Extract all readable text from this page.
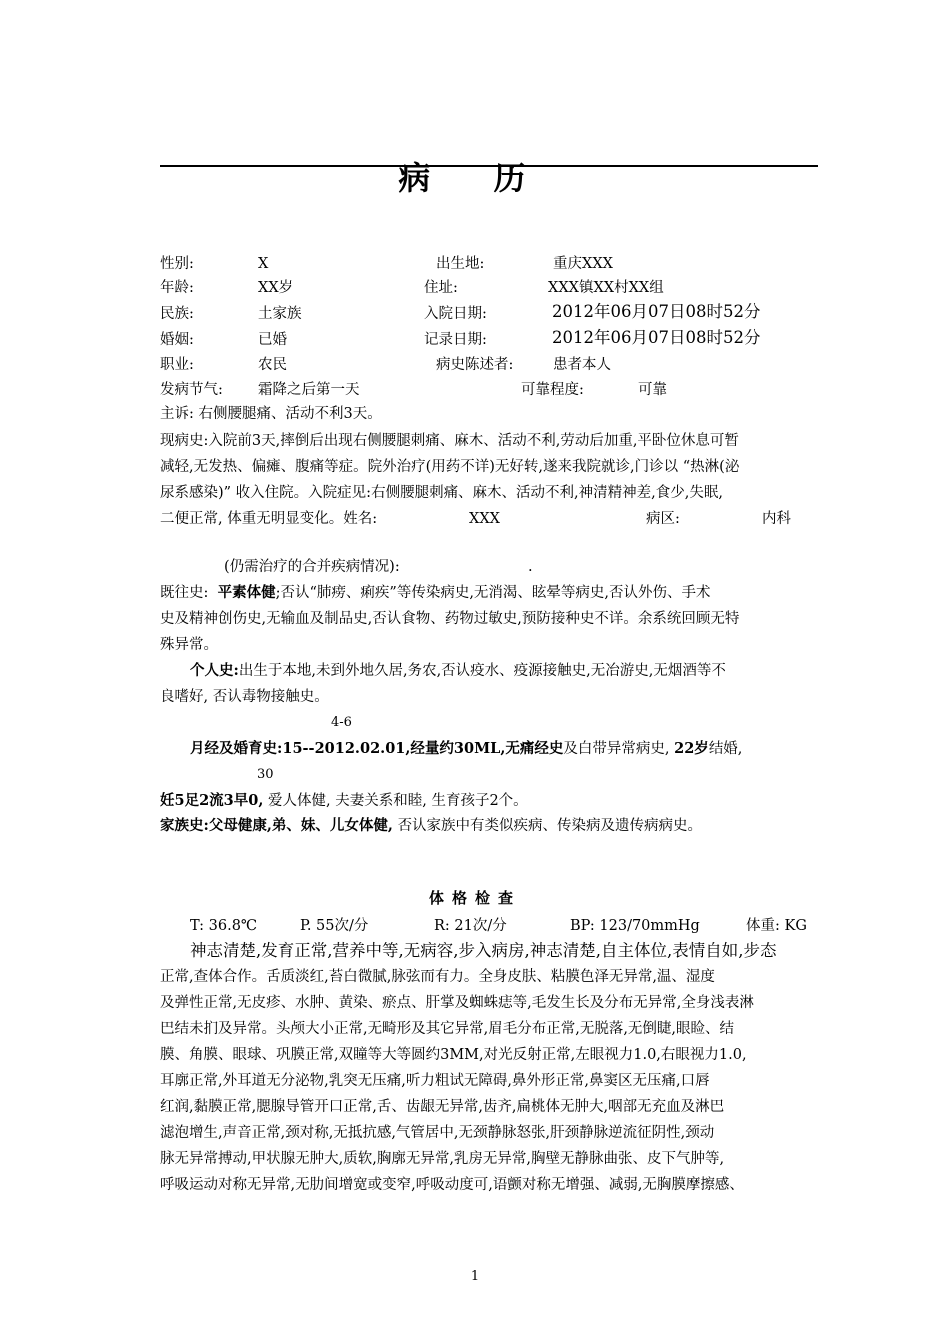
病 历
性别:	X	出生地:	重庆XXX
年龄:	XX岁	住址:	XXX镇XX村XX组
民族:	土家族	入院日期:	2012年06月07日08时52分
婚姻:	已婚	记录日期:	2012年06月07日08时52分
职业:	农民	病史陈述者:	患者本人
发病节气: 霜降之后第一天	可靠程度:	可靠
主诉: 右侧腰腿痛、活动不利3天。
现病史:入院前3天,摔倒后出现右侧腰腿刺痛、麻木、活动不利,劳动后加重,平卧位休息可暂
减轻,无发热、偏瘫、腹痛等症。院外治疗(用药不详)无好转,遂来我院就诊,门诊以 “热淋(泌
尿系感染)” 收入住院。入院症见:右侧腰腿刺痛、麻木、活动不利,神清精神差,食少,失眠,
二便正常, 体重无明显变化。姓名:	XXX	病区:	内科
(仍需治疗的合并疾病情况):	.
既往史: 平素体健;否认“肺痨、痢疾”等传染病史,无消渴、眩晕等病史,否认外伤、手术
史及精神创伤史,无输血及制品史,否认食物、药物过敏史,预防接种史不详。余系统回顾无特
殊异常。
个人史:出生于本地,未到外地久居,务农,否认疫水、疫源接触史,无冶游史,无烟酒等不
良嗜好, 否认毒物接触史。
4-6
月经及婚育史:15--2012.02.01,经量约30ML,无痛经史及白带异常病史, 22岁结婚,
30
妊5足2流3早0, 爱人体健, 夫妻关系和睦, 生育孩子2个。
家族史:父母健康,弟、妹、儿女体健, 否认家族中有类似疾病、传染病及遗传病病史。
体格检查
T: 36.8℃	P. 55次/分	R: 21次/分	BP: 123/70mmHg	体重: KG
神志清楚,发育正常,营养中等,无病容,步入病房,神志清楚,自主体位,表情自如,步态
正常,查体合作。舌质淡红,苔白微腻,脉弦而有力。全身皮肤、粘膜色泽无异常,温、湿度
及弹性正常,无皮疹、水肿、黄染、瘀点、肝掌及蜘蛛痣等,毛发生长及分布无异常,全身浅表淋
巴结未扪及异常。头颅大小正常,无畸形及其它异常,眉毛分布正常,无脱落,无倒睫,眼睑、结
膜、角膜、眼球、巩膜正常,双瞳等大等圆约3MM,对光反射正常,左眼视力1.0,右眼视力1.0,
耳廓正常,外耳道无分泌物,乳突无压痛,听力粗试无障碍,鼻外形正常,鼻窦区无压痛,口唇
红润,黏膜正常,腮腺导管开口正常,舌、齿龈无异常,齿齐,扁桃体无肿大,咽部无充血及淋巴
滤泡增生,声音正常,颈对称,无抵抗感,气管居中,无颈静脉怒张,肝颈静脉逆流征阴性,颈动
脉无异常搏动,甲状腺无肿大,质软,胸廓无异常,乳房无异常,胸壁无静脉曲张、皮下气肿等,
呼吸运动对称无异常,无肋间增宽或变窄,呼吸动度可,语颤对称无增强、减弱,无胸膜摩擦感、
1
